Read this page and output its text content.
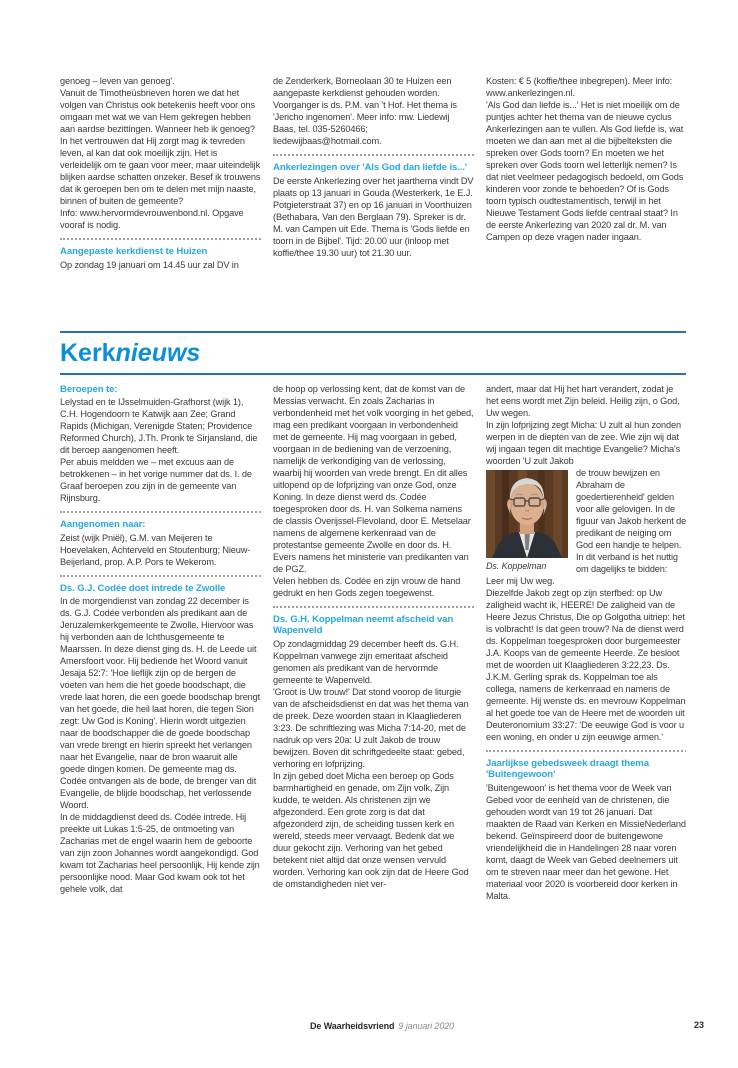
genoeg – leven van genoeg'.

Vanuit de Timotheüsbrieven horen we dat het volgen van Christus ook betekenis heeft voor ons omgaan met wat we van Hem gekregen hebben aan aardse bezittingen. Wanneer heb ik genoeg? In het vertrouwen dat Hij zorgt mag ik tevreden leven, al kan dat ook moeilijk zijn. Het is verleidelijk om te gaan voor meer, maar uiteindelijk blijken aardse schatten onzeker. Besef ik trouwens dat ik geroepen ben om te delen met mijn naaste, binnen of buiten de gemeente?

Info: www.hervormdevrouwenbond.nl. Opgave vooraf is nodig.

Aangepaste kerkdienst te Huizen

Op zondag 19 januari om 14.45 uur zal DV in

de Zenderkerk, Borneolaan 30 te Huizen een aangepaste kerkdienst gehouden worden. Voorganger is ds. P.M. van 't Hof. Het thema is 'Jericho ingenomen'. Meer info: mw. Liedewij Baas, tel. 035-5260466; liedewijbaas@hotmail.com.

Ankerlezingen over 'Als God dan liefde is...'

De eerste Ankerlezing over het jaarthema vindt DV plaats op 13 januari in Gouda (Westerkerk, 1e E.J. Potgieterstraat 37) en op 16 januari in Voorthuizen (Bethabara, Van den Berglaan 79). Spreker is dr. M. van Campen uit Ede. Thema is 'Gods liefde en toorn in de Bijbel'. Tijd: 20.00 uur (inloop met koffie/thee 19.30 uur) tot 21.30 uur.

Kosten: € 5 (koffie/thee inbegrepen). Meer info: www.ankerlezingen.nl.

'Als God dan liefde is...' Het is niet moeilijk om de puntjes achter het thema van de nieuwe cyclus Ankerlezingen aan te vullen. Als God liefde is, wat moeten we dan aan met al die bijbelteksten die spreken over Gods toorn? En moeten we het spreken over Gods toorn wel letterlijk nemen? Is dat niet veelmeer pedagogisch bedoeld, om Gods kinderen voor zonde te behoeden? Of is Gods toorn typisch oudtestamentisch, terwijl in het Nieuwe Testament Gods liefde centraal staat? In de eerste Ankerlezing van 2020 zal dr. M. van Campen op deze vragen nader ingaan.

Kerknieuws
Beroepen te:

Lelystad en te IJsselmuiden-Grafhorst (wijk 1), C.H. Hogendoorn te Katwijk aan Zee; Grand Rapids (Michigan, Verenigde Staten; Providence Reformed Church), J.Th. Pronk te Sirjansland, die dit beroep aangenomen heeft.

Per abuis meldden we – met excuus aan de betrokkenen – in het vorige nummer dat ds. I. de Graaf beroepen zou zijn in de gemeente van Rijnsburg.

Aangenomen naar:

Zeist (wijk Pniël), G.M. van Meijeren te Hoevelaken, Achterveld en Stoutenburg; Nieuw-Beijerland, prop. A.P. Pors te Wekerom.

Ds. G.J. Codée doet intrede te Zwolle

In de morgendienst van zondag 22 december is ds. G.J. Codée verbonden als predikant aan de Jeruzalemkerkgemeente te Zwolle. Hiervoor was hij verbonden aan de Ichthusgemeente te Maarssen. In deze dienst ging ds. H. de Leede uit Amersfoort voor. Hij bediende het Woord vanuit Jesaja 52:7: 'Hoe lieflijk zijn op de bergen de voeten van hem die het goede boodschapt, die vrede laat horen, die een goede boodschap brengt van het goede, die heil laat horen, die tegen Sion zegt: Uw God is Koning'. Hierin wordt uitgezien naar de boodschapper die de goede boodschap van vrede brengt en hierin spreekt het verlangen naar het Evangelie, naar de bron waaruit alle goede dingen komen. De gemeente mag ds. Codée ontvangen als de bode, de brenger van dit Evangelie, de blijde boodschap, het verlossende Woord.

In de middagdienst deed ds. Codée intrede. Hij preekte uit Lukas 1:5-25, de ontmoeting van Zacharias met de engel waarin hem de geboorte van zijn zoon Johannes wordt aangekondigd. God kwam tot Zacharias heel persoonlijk, Hij kende zijn persoonlijke nood. Maar God kwam ook tot het gehele volk, dat

de hoop op verlossing kent, dat de komst van de Messias verwacht. En zoals Zacharias in verbondenheid met het volk voorging in het gebed, mag een predikant voorgaan in verbondenheid met de gemeente. Hij mag voorgaan in gebed, voorgaan in de bediening van de verzoening, namelijk de verkondiging van de verlossing, waarbij hij woorden van vrede brengt. En dit alles uitlopend op de lofprijzing van onze God, onze Koning. In deze dienst werd ds. Codée toegesproken door ds. H. van Solkema namens de classis Overijssel-Flevoland, door E. Metselaar namens de algemene kerkenraad van de protestantse gemeente Zwolle en door ds. H. Evers namens het ministerie van predikanten van de PGZ.

Velen hebben ds. Codée en zijn vrouw de hand gedrukt en hen Gods zegen toegewenst.

Ds. G.H. Koppelman neemt afscheid van Wapenveld

Op zondagmiddag 29 december heeft ds. G.H. Koppelman vanwege zijn emeritaat afscheid genomen als predikant van de hervormde gemeente te Wapenveld.

'Groot is Uw trouw!' Dat stond voorop de liturgie van de afscheidsdienst en dat was het thema van de preek. Deze woorden staan in Klaagliederen 3:23. De schriftlezing was Micha 7:14-20, met de nadruk op vers 20a: U zult Jakob de trouw bewijzen. Boven dit schriftgedeelte staat: gebed, verhoring en lofprijzing.

In zijn gebed doet Micha een beroep op Gods barmhartigheid en genade, om Zijn volk, Zijn kudde, te weiden. Als christenen zijn we afgezonderd. Een grote zorg is dat dat afgezonderd zijn, de scheiding tussen kerk en wereld, steeds meer vervaagt. Bedenk dat we duur gekocht zijn. Verhoring van het gebed betekent niet altijd dat onze wensen vervuld worden. Verhoring kan ook zijn dat de Heere God de omstandigheden niet ver-

andert, maar dat Hij het hart verandert, zodat je het eens wordt met Zijn beleid. Heilig zijn, o God, Uw wegen.

In zijn lofprijzing zegt Micha: U zult al hun zonden werpen in de diepten van de zee. Wie zijn wij dat wij ingaan tegen dit machtige Evangelie? Micha's woorden 'U zult Jakob

Ds. Koppelman

de trouw bewijzen en Abraham de goedertierenheid' gelden voor alle gelovigen. In de figuur van Jakob herkent de predikant de neiging om God een handje te helpen. In dit verband is het nuttig om dagelijks te bidden: Leer mij Uw weg.

Diezelfde Jakob zegt op zijn sterfbed: op Uw zaligheid wacht ik, HEERE! De zaligheid van de Heere Jezus Christus, Die op Golgotha uitriep: het is volbracht! Is dat geen trouw? Na de dienst werd ds. Koppelman toegesproken door burgemeester J.A. Koops van de gemeente Heerde. Ze besloot met de woorden uit Klaagliederen 3:22,23. Ds. J.K.M. Gerling sprak ds. Koppelman toe als collega, namens de kerkenraad en namens de gemeente. Hij wenste ds. en mevrouw Koppelman al het goede toe van de Heere met de woorden uit Deuteronomium 33:27: 'De eeuwige God is voor u een woning, en onder u zijn eeuwige armen.'

Jaarlijkse gebedsweek draagt thema 'Buitengewoon'

'Buitengewoon' is het thema voor de Week van Gebed voor de eenheid van de christenen, die gehouden wordt van 19 tot 26 januari. Dat maakten de Raad van Kerken en MissieNederland bekend. Geïnspireerd door de buitengewone vriendelijkheid die in Handelingen 28 naar voren komt, daagt de Week van Gebed deelnemers uit om te streven naar meer dan het gewone. Het materiaal voor 2020 is voorbereid door kerken in Malta.

De Waarheidsvriend 9 januari 2020	23
